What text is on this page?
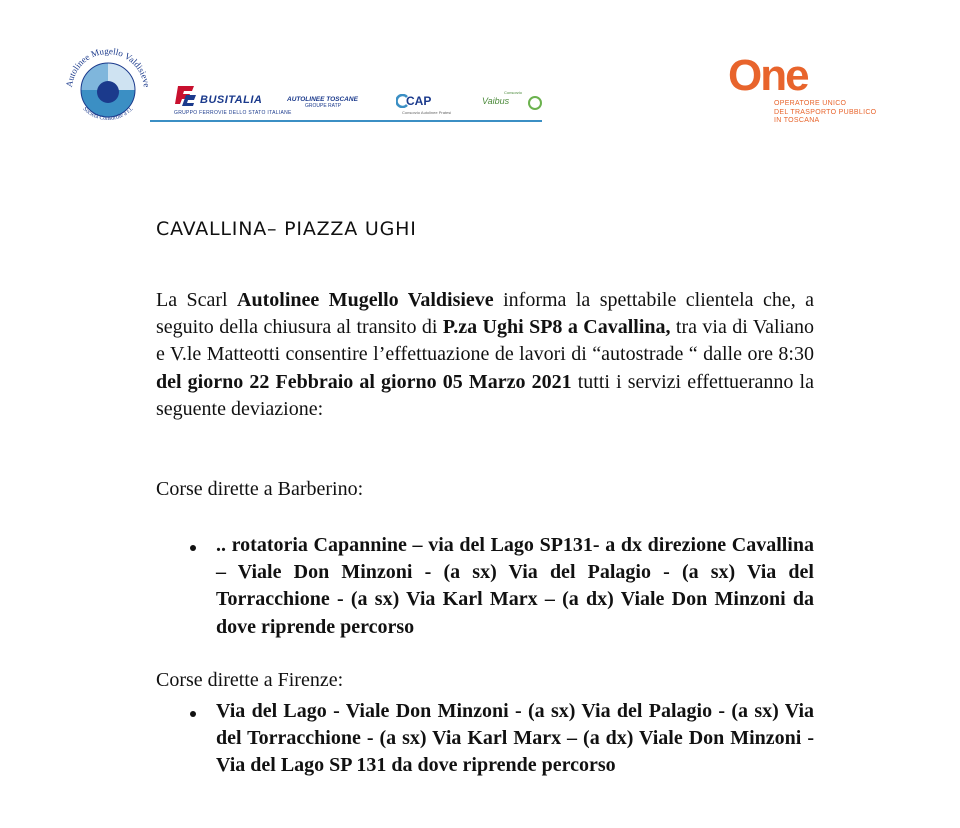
Autolinee Mugello Valdisieve
Società Consortile a r.l.
BUSITALIA
GRUPPO FERROVIE DELLO STATO ITALIANE
AUTOLINEE TOSCANE
GROUPE RATP	CAP
Consorzio Autolinee Pratesi
Consorzio
Vaibus
One
OPERATORE UNICO
DEL TRASPORTO PUBBLICO
IN TOSCANA
CAVALLINA– PIAZZA UGHI
La Scarl Autolinee Mugello Valdisieve informa la spettabile clientela che, a seguito della chiusura al transito di P.za Ughi SP8 a Cavallina, tra via di Valiano e V.le Matteotti consentire l’effettuazione de lavori di “autostrade “ dalle ore 8:30 del giorno 22 Febbraio al giorno 05 Marzo 2021 tutti i servizi effettueranno la seguente deviazione:
Corse dirette a Barberino:
.. rotatoria Capannine – via del Lago SP131- a dx direzione Cavallina – Viale Don Minzoni - (a sx) Via del Palagio - (a sx) Via del Torracchione - (a sx) Via Karl Marx – (a dx) Viale Don Minzoni da dove riprende percorso
Corse dirette a Firenze:
Via del Lago - Viale Don Minzoni - (a sx) Via del Palagio - (a sx) Via del Torracchione - (a sx) Via Karl Marx – (a dx) Viale Don Minzoni - Via del Lago SP 131 da dove riprende percorso
